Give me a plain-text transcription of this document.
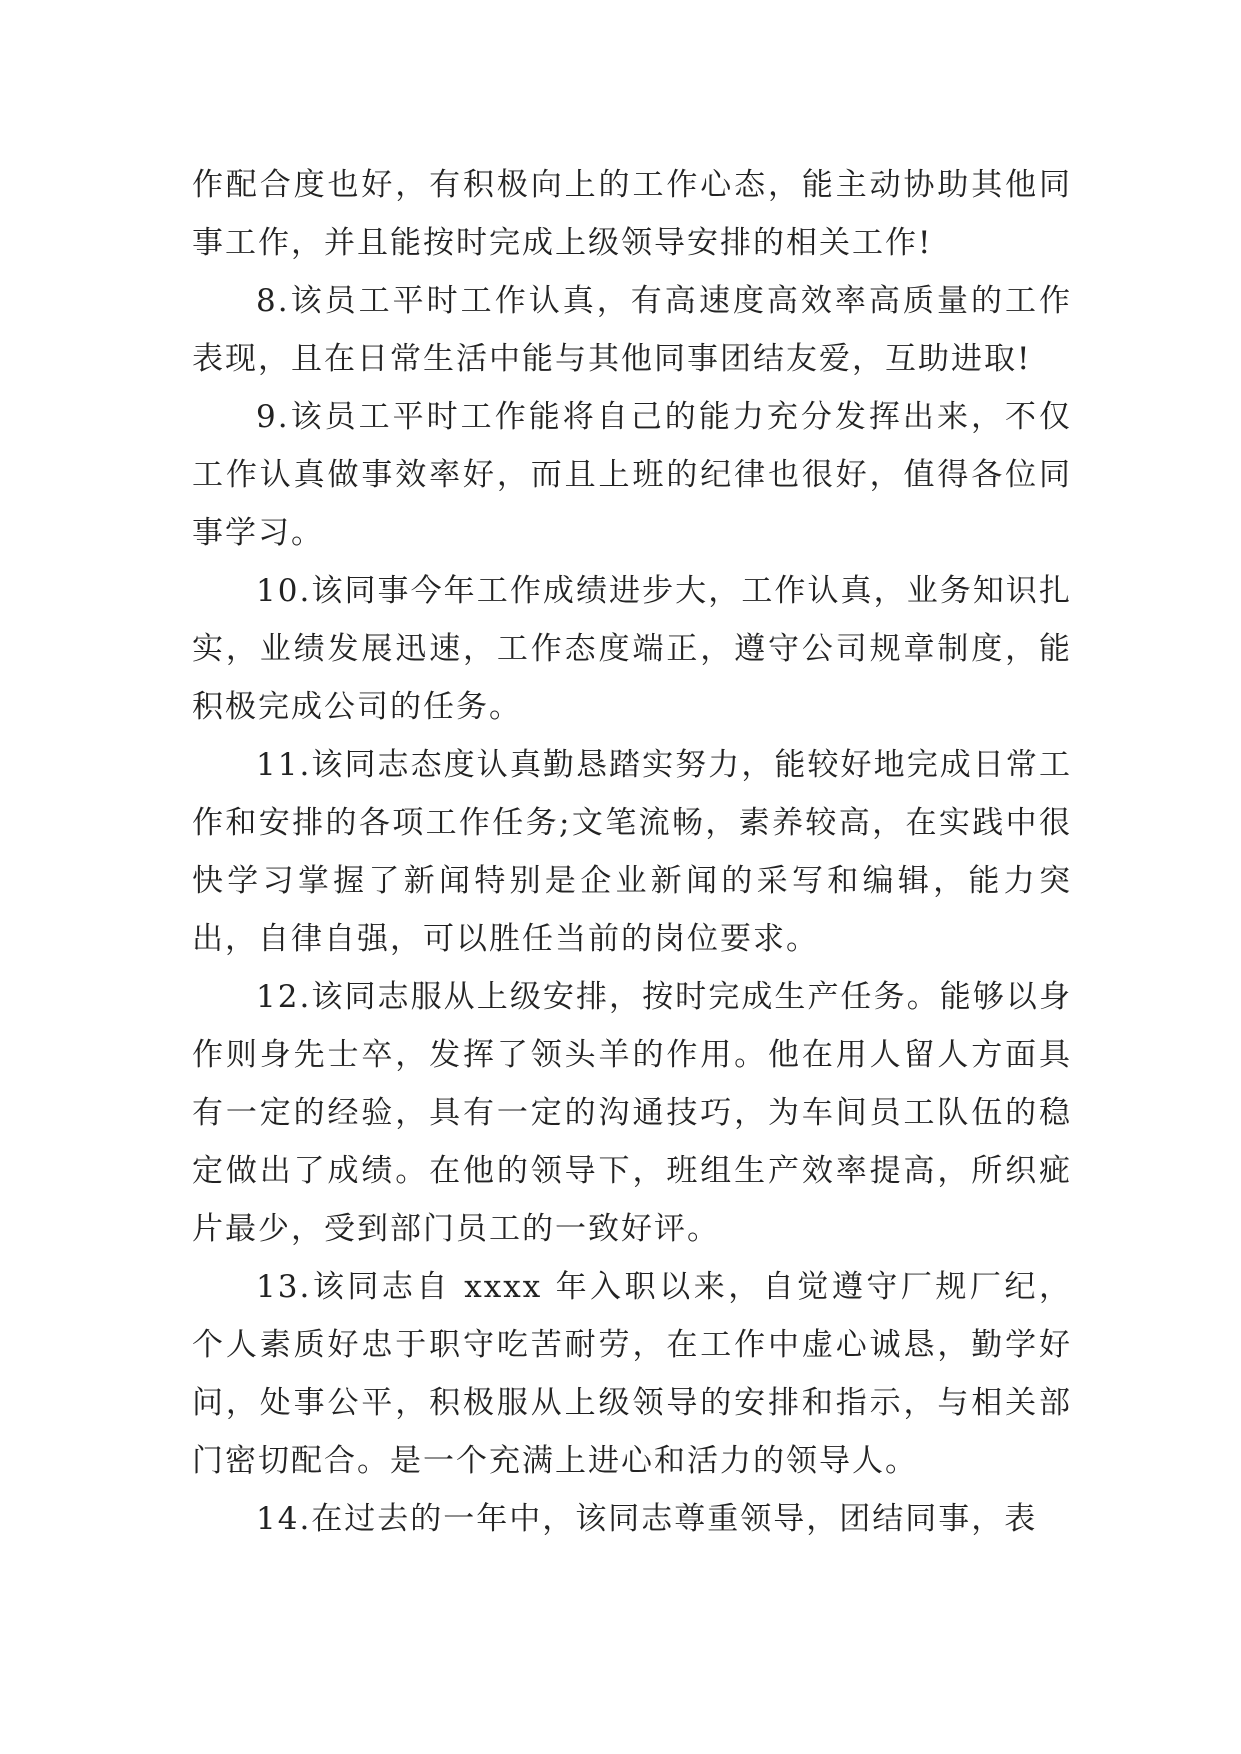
作配合度也好，有积极向上的工作心态，能主动协助其他同事工作，并且能按时完成上级领导安排的相关工作!

8.该员工平时工作认真，有高速度高效率高质量的工作表现，且在日常生活中能与其他同事团结友爱，互助进取!

9.该员工平时工作能将自己的能力充分发挥出来，不仅工作认真做事效率好，而且上班的纪律也很好，值得各位同事学习。

10.该同事今年工作成绩进步大，工作认真，业务知识扎实，业绩发展迅速，工作态度端正，遵守公司规章制度，能积极完成公司的任务。

11.该同志态度认真勤恳踏实努力，能较好地完成日常工作和安排的各项工作任务;文笔流畅，素养较高，在实践中很快学习掌握了新闻特别是企业新闻的采写和编辑，能力突出，自律自强，可以胜任当前的岗位要求。

12.该同志服从上级安排，按时完成生产任务。能够以身作则身先士卒，发挥了领头羊的作用。他在用人留人方面具有一定的经验，具有一定的沟通技巧，为车间员工队伍的稳定做出了成绩。在他的领导下，班组生产效率提高，所织疵片最少，受到部门员工的一致好评。

13.该同志自 xxxx 年入职以来，自觉遵守厂规厂纪，个人素质好忠于职守吃苦耐劳，在工作中虚心诚恳，勤学好问，处事公平，积极服从上级领导的安排和指示，与相关部门密切配合。是一个充满上进心和活力的领导人。

14.在过去的一年中，该同志尊重领导，团结同事，表
